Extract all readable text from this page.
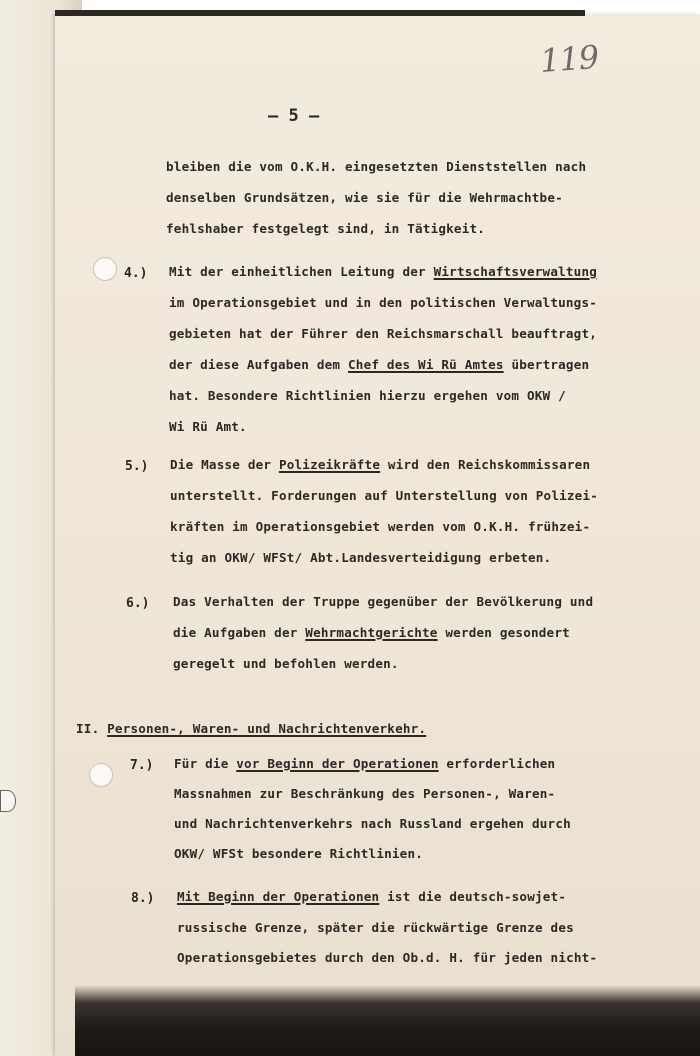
119
— 5 —
bleiben die vom O.K.H. eingesetzten Dienststellen nach
denselben Grundsätzen, wie sie für die Wehrmachtbe-
fehlshaber festgelegt sind, in Tätigkeit.
4.) Mit der einheitlichen Leitung der Wirtschaftsverwaltung
im Operationsgebiet und in den politischen Verwaltungs-
gebieten hat der Führer den Reichsmarschall beauftragt,
der diese Aufgaben dem Chef des Wi Rü Amtes übertragen
hat. Besondere Richtlinien hierzu ergehen vom OKW /
Wi Rü Amt.
5.) Die Masse der Polizeikräfte wird den Reichskommissaren
unterstellt. Forderungen auf Unterstellung von Polizei-
kräften im Operationsgebiet werden vom O.K.H. frühzei-
tig an OKW/ WFSt/ Abt.Landesverteidigung erbeten.
6.) Das Verhalten der Truppe gegenüber der Bevölkerung und
die Aufgaben der Wehrmachtgerichte werden gesondert
geregelt und befohlen werden.
II. Personen-, Waren- und Nachrichtenverkehr.
7.) Für die vor Beginn der Operationen erforderlichen
Massnahmen zur Beschränkung des Personen-, Waren-
und Nachrichtenverkehrs nach Russland ergehen durch
OKW/ WFSt besondere Richtlinien.
8.) Mit Beginn der Operationen ist die deutsch-sowjet-
russische Grenze, später die rückwärtige Grenze des
Operationsgebietes durch den Ob.d. H. für jeden nicht-
